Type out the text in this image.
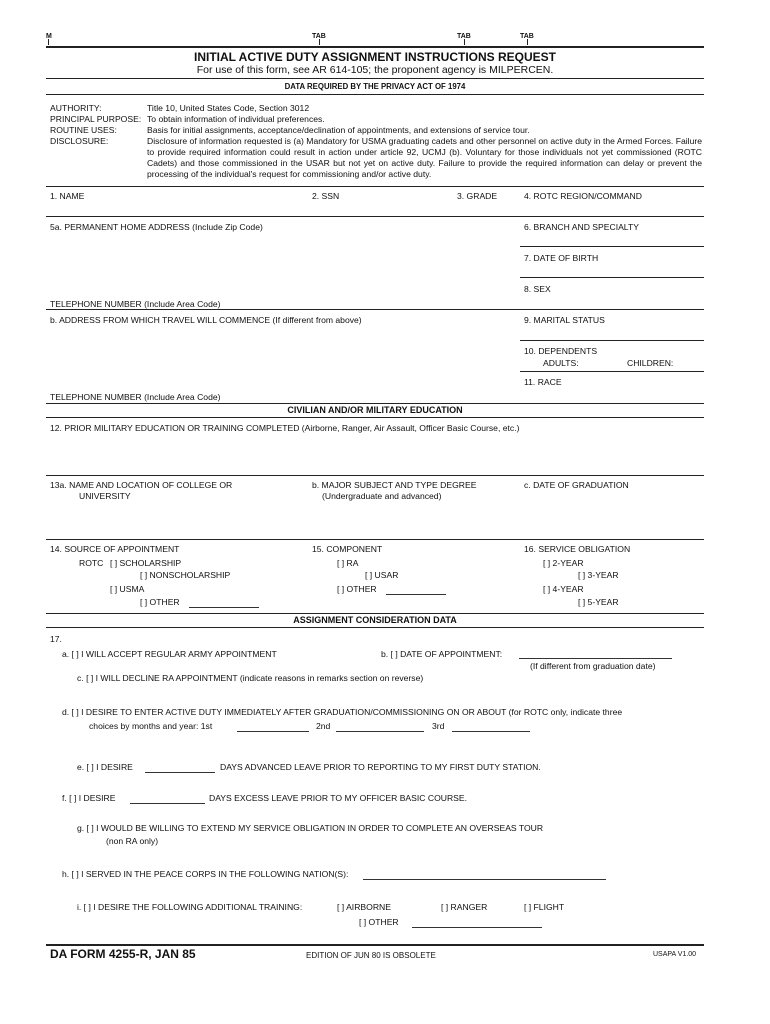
M	TAB	TAB	TAB
INITIAL ACTIVE DUTY ASSIGNMENT INSTRUCTIONS REQUEST
For use of this form, see AR 614-105; the proponent agency is MILPERCEN.
DATA REQUIRED BY THE PRIVACY ACT OF 1974
AUTHORITY:	Title 10, United States Code, Section 3012
PRINCIPAL PURPOSE: To obtain information of individual preferences.
ROUTINE USES:	Basis for initial assignments, acceptance/declination of appointments, and extensions of service tour.
DISCLOSURE:	Disclosure of information requested is (a) Mandatory for USMA graduating cadets and other personnel on active duty in the Armed Forces. Failure to provide required information could result in action under article 92, UCMJ (b). Voluntary for those individuals not yet commissioned (ROTC Cadets) and those commissioned in the USAR but not yet on active duty. Failure to provide the required information can delay or prevent the processing of the individual's request for commissioning and/or active duty.
1. NAME	2. SSN	3. GRADE	4. ROTC REGION/COMMAND
5a. PERMANENT HOME ADDRESS (Include Zip Code)	6. BRANCH AND SPECIALTY
7. DATE OF BIRTH
8. SEX
TELEPHONE NUMBER (Include Area Code)
b. ADDRESS FROM WHICH TRAVEL WILL COMMENCE (If different from above)	9. MARITAL STATUS
10. DEPENDENTS
ADULTS:	CHILDREN:
11. RACE
TELEPHONE NUMBER (Include Area Code)
CIVILIAN AND/OR MILITARY EDUCATION
12. PRIOR MILITARY EDUCATION OR TRAINING COMPLETED (Airborne, Ranger, Air Assault, Officer Basic Course, etc.)
13a. NAME AND LOCATION OF COLLEGE OR
UNIVERSITY
b. MAJOR SUBJECT AND TYPE DEGREE
(Undergraduate and advanced)
c. DATE OF GRADUATION
14. SOURCE OF APPOINTMENT
ROTC [ ] SCHOLARSHIP
[ ] NONSCHOLARSHIP
[ ] USMA
[ ] OTHER
15. COMPONENT
[ ] RA
[ ] USAR
[ ] OTHER
16. SERVICE OBLIGATION
[ ] 2-YEAR
[ ] 3-YEAR
[ ] 4-YEAR
[ ] 5-YEAR
ASSIGNMENT CONSIDERATION DATA
17.
a. [ ] I WILL ACCEPT REGULAR ARMY APPOINTMENT	b. [ ] DATE OF APPOINTMENT:
(If different from graduation date)
c. [ ] I WILL DECLINE RA APPOINTMENT (indicate reasons in remarks section on reverse)
d. [ ] I DESIRE TO ENTER ACTIVE DUTY IMMEDIATELY AFTER GRADUATION/COMMISSIONING ON OR ABOUT (for ROTC only, indicate three
choices by months and year: 1st	2nd	3rd
e. [ ] I DESIRE	DAYS ADVANCED LEAVE PRIOR TO REPORTING TO MY FIRST DUTY STATION.
f. [ ] I DESIRE	DAYS EXCESS LEAVE PRIOR TO MY OFFICER BASIC COURSE.
g. [ ] I WOULD BE WILLING TO EXTEND MY SERVICE OBLIGATION IN ORDER TO COMPLETE AN OVERSEAS TOUR
(non RA only)
h. [ ] I SERVED IN THE PEACE CORPS IN THE FOLLOWING NATION(S):
i. [ ] I DESIRE THE FOLLOWING ADDITIONAL TRAINING:	[ ] AIRBORNE	[ ] RANGER	[ ] FLIGHT
[ ] OTHER
DA FORM 4255-R, JAN 85	EDITION OF JUN 80 IS OBSOLETE	USAPA V1.00
